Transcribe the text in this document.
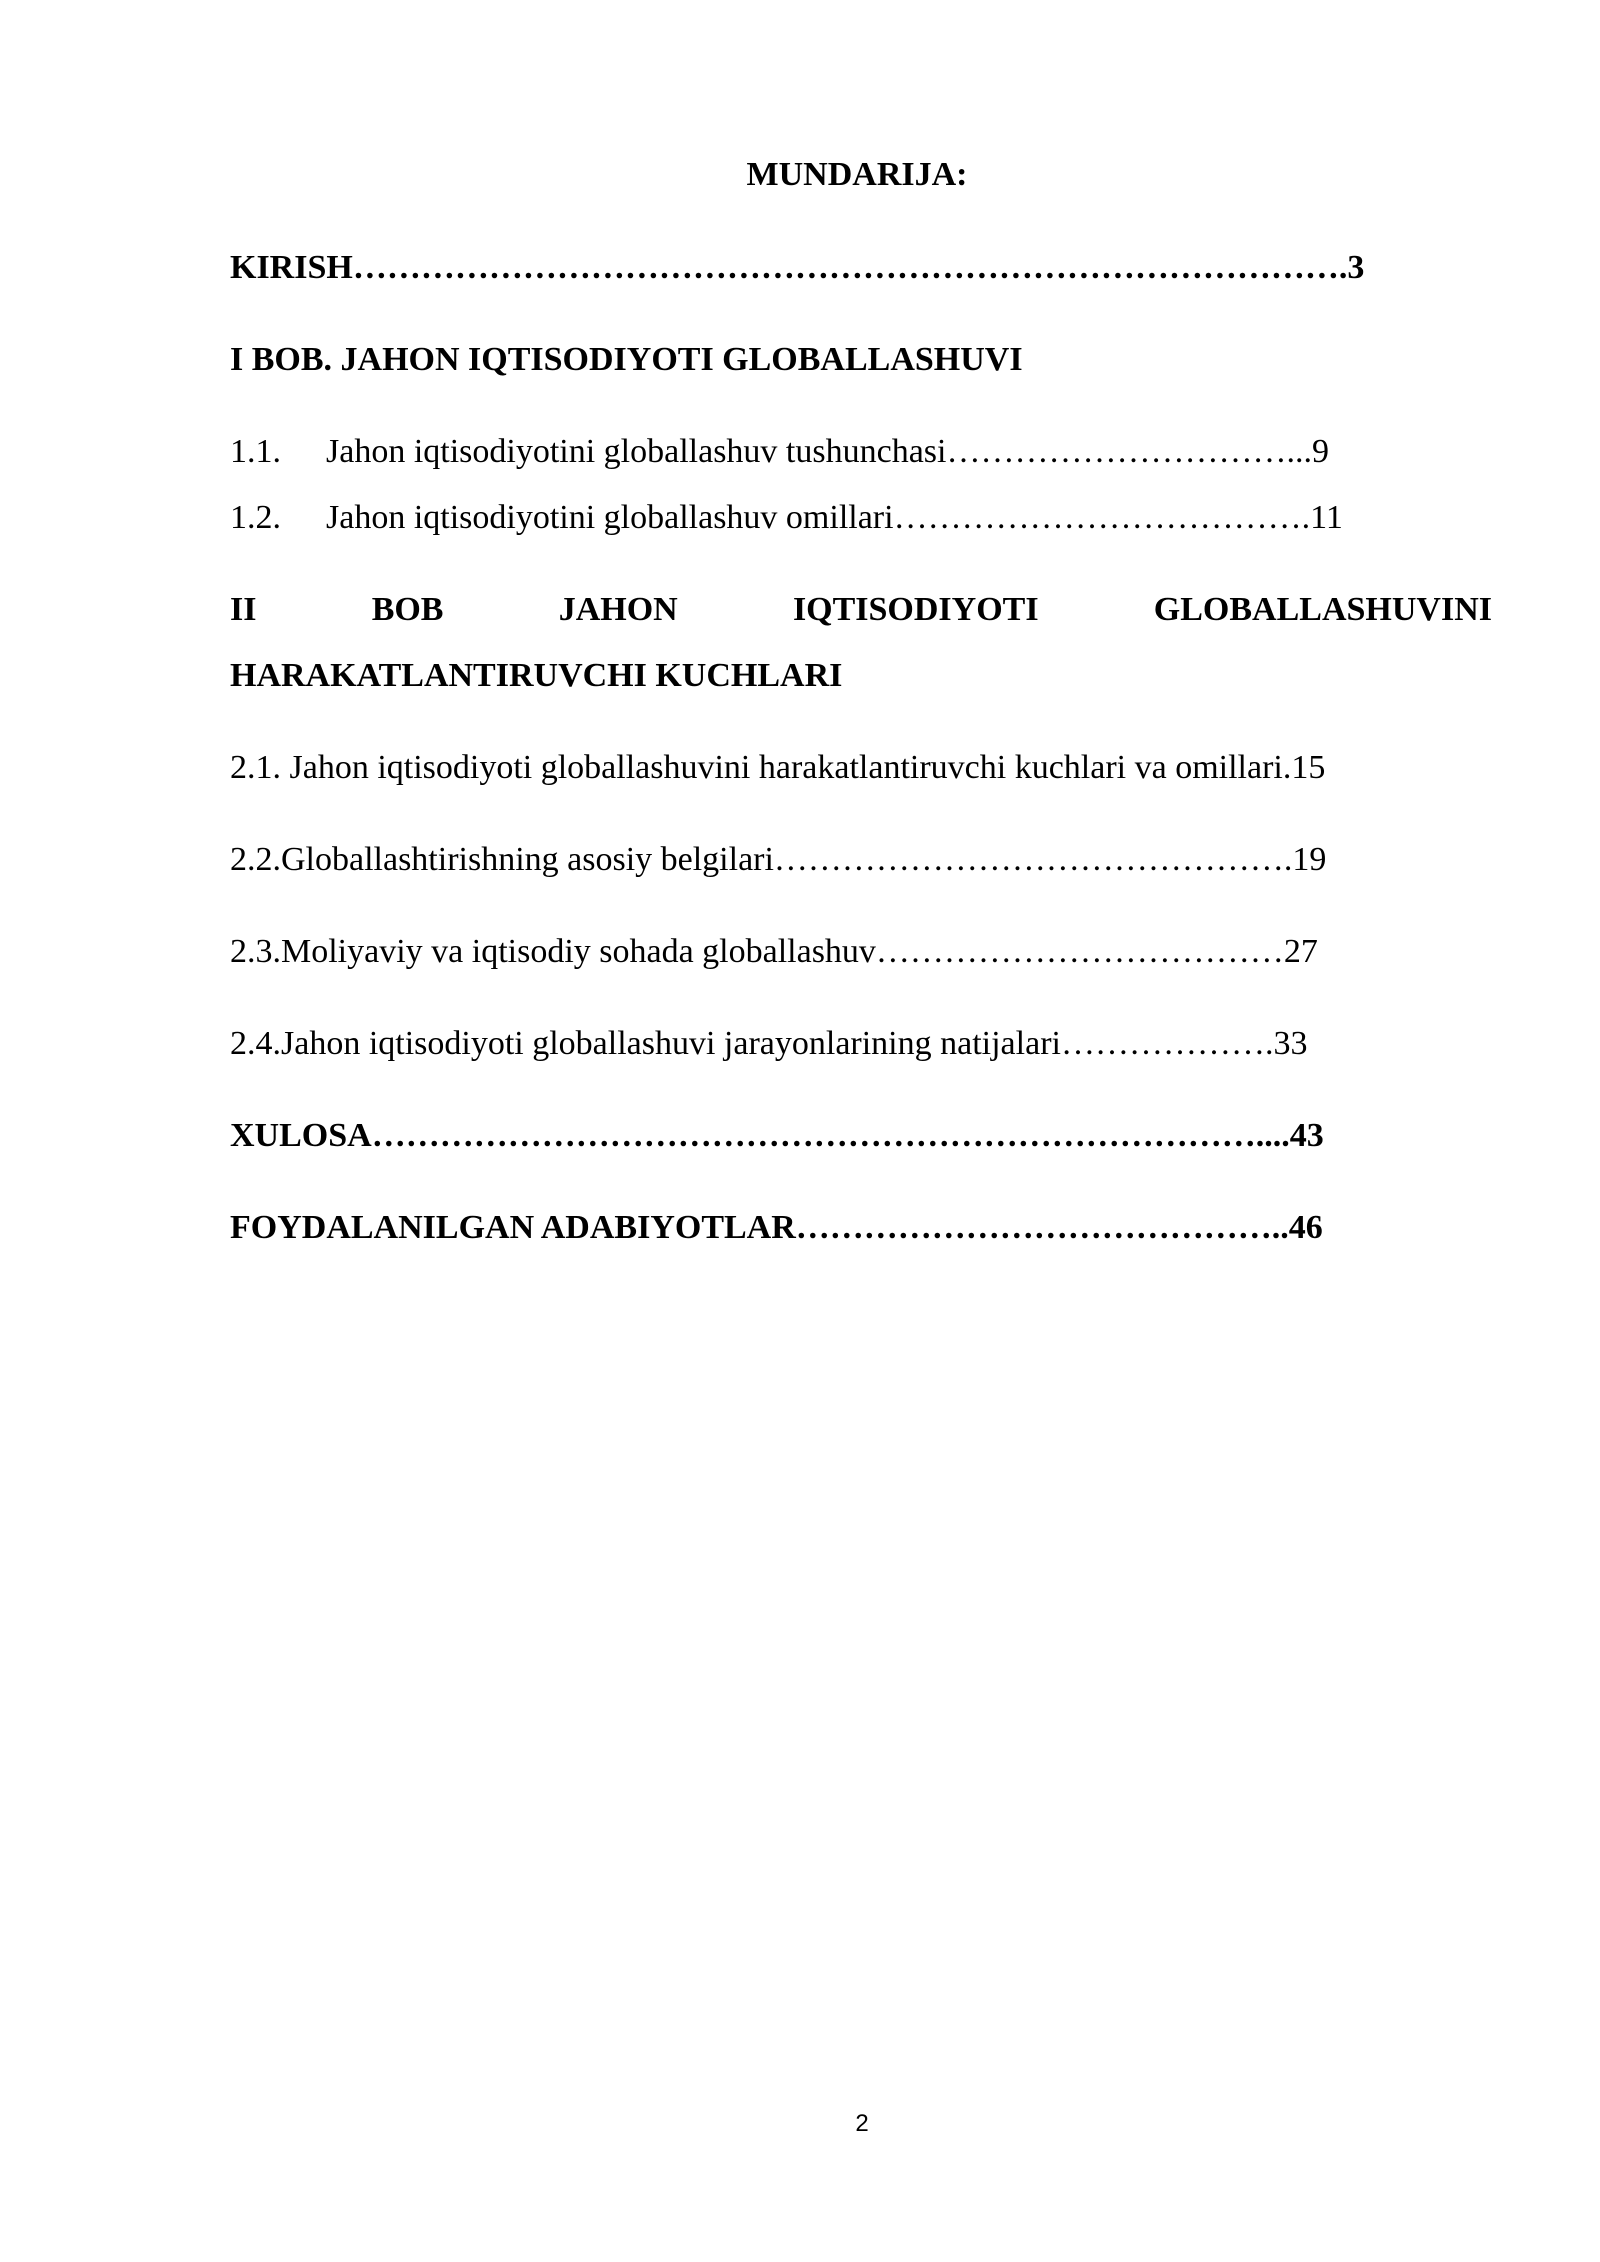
MUNDARIJA:
KIRISH…………………………………………………………………………….3
I BOB. JAHON IQTISODIYOTI GLOBALLASHUVI
1.1. Jahon iqtisodiyotini globallashuv tushunchasi…………………………...9
1.2. Jahon iqtisodiyotini globallashuv omillari……………………………….11
II	BOB	JAHON	IQTISODIYOTI	GLOBALLASHUVINI
HARAKATLANTIRUVCHI KUCHLARI
2.1. Jahon iqtisodiyoti globallashuvini harakatlantiruvchi kuchlari va omillari.15
2.2.Globallashtirishning asosiy belgilari……………………………………….19
2.3.Moliyaviy va iqtisodiy sohada globallashuv………………………………27
2.4.Jahon iqtisodiyoti globallashuvi jarayonlarining natijalari……………….33
XULOSA……………………………………………………………………....43
FOYDALANILGAN ADABIYOTLAR……………………………………..46
2
